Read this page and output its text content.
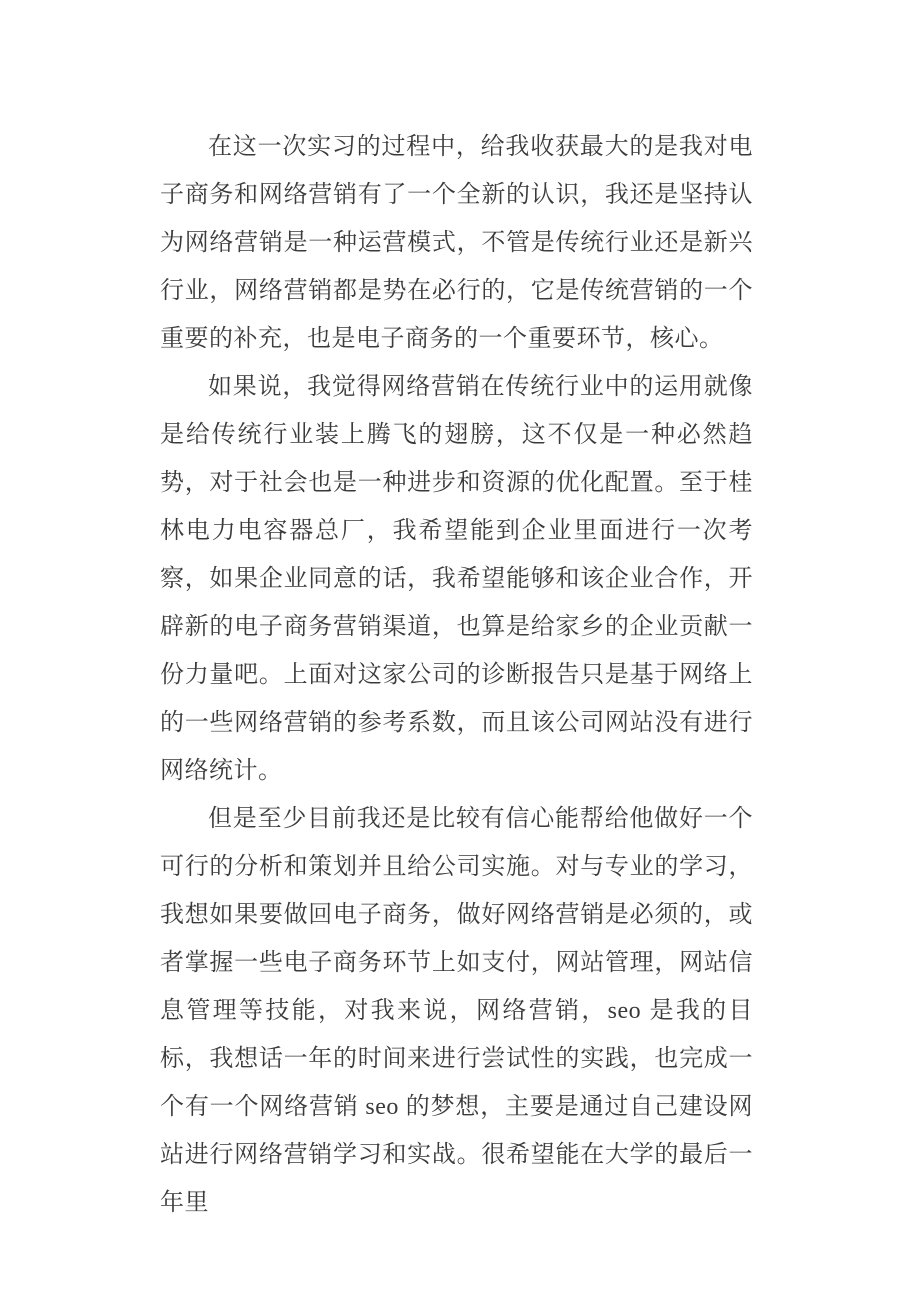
在这一次实习的过程中，给我收获最大的是我对电子商务和网络营销有了一个全新的认识，我还是坚持认为网络营销是一种运营模式，不管是传统行业还是新兴行业，网络营销都是势在必行的，它是传统营销的一个重要的补充，也是电子商务的一个重要环节，核心。

如果说，我觉得网络营销在传统行业中的运用就像是给传统行业装上腾飞的翅膀，这不仅是一种必然趋势，对于社会也是一种进步和资源的优化配置。至于桂林电力电容器总厂，我希望能到企业里面进行一次考察，如果企业同意的话，我希望能够和该企业合作，开辟新的电子商务营销渠道，也算是给家乡的企业贡献一份力量吧。上面对这家公司的诊断报告只是基于网络上的一些网络营销的参考系数，而且该公司网站没有进行网络统计。

但是至少目前我还是比较有信心能帮给他做好一个可行的分析和策划并且给公司实施。对与专业的学习，我想如果要做回电子商务，做好网络营销是必须的，或者掌握一些电子商务环节上如支付，网站管理，网站信息管理等技能，对我来说，网络营销，seo 是我的目标，我想话一年的时间来进行尝试性的实践，也完成一个有一个网络营销 seo 的梦想，主要是通过自己建设网站进行网络营销学习和实战。很希望能在大学的最后一年里
